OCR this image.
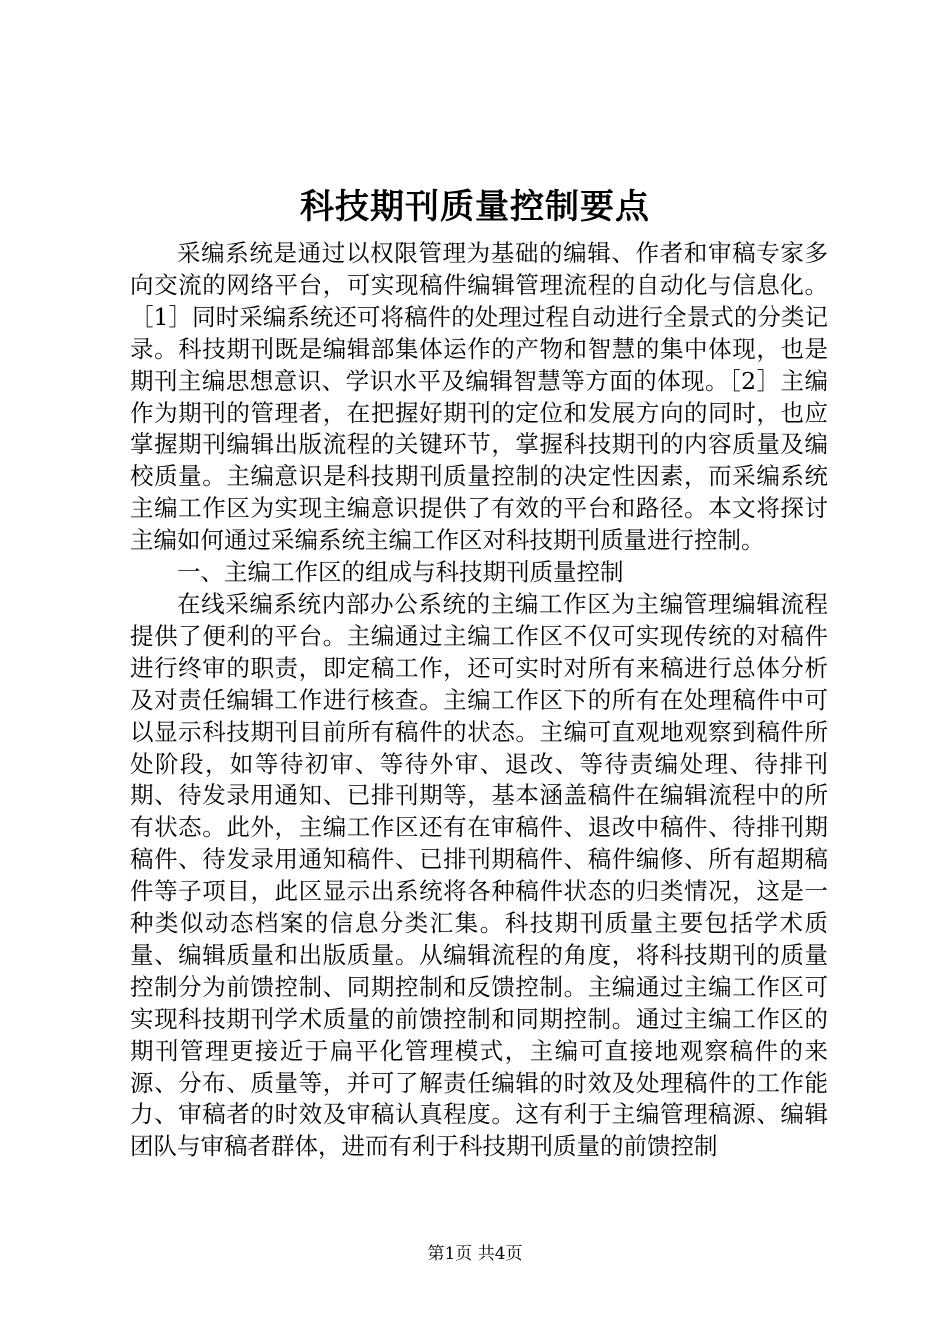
科技期刊质量控制要点

采编系统是通过以权限管理为基础的编辑、作者和审稿专家多向交流的网络平台，可实现稿件编辑管理流程的自动化与信息化。［1］同时采编系统还可将稿件的处理过程自动进行全景式的分类记录。科技期刊既是编辑部集体运作的产物和智慧的集中体现，也是期刊主编思想意识、学识水平及编辑智慧等方面的体现。［2］主编作为期刊的管理者，在把握好期刊的定位和发展方向的同时，也应掌握期刊编辑出版流程的关键环节，掌握科技期刊的内容质量及编校质量。主编意识是科技期刊质量控制的决定性因素，而采编系统主编工作区为实现主编意识提供了有效的平台和路径。本文将探讨主编如何通过采编系统主编工作区对科技期刊质量进行控制。

一、主编工作区的组成与科技期刊质量控制

在线采编系统内部办公系统的主编工作区为主编管理编辑流程提供了便利的平台。主编通过主编工作区不仅可实现传统的对稿件进行终审的职责，即定稿工作，还可实时对所有来稿进行总体分析及对责任编辑工作进行核查。主编工作区下的所有在处理稿件中可以显示科技期刊目前所有稿件的状态。主编可直观地观察到稿件所处阶段，如等待初审、等待外审、退改、等待责编处理、待排刊期、待发录用通知、已排刊期等，基本涵盖稿件在编辑流程中的所有状态。此外，主编工作区还有在审稿件、退改中稿件、待排刊期稿件、待发录用通知稿件、已排刊期稿件、稿件编修、所有超期稿件等子项目，此区显示出系统将各种稿件状态的归类情况，这是一种类似动态档案的信息分类汇集。科技期刊质量主要包括学术质量、编辑质量和出版质量。从编辑流程的角度，将科技期刊的质量控制分为前馈控制、同期控制和反馈控制。主编通过主编工作区可实现科技期刊学术质量的前馈控制和同期控制。通过主编工作区的期刊管理更接近于扁平化管理模式，主编可直接地观察稿件的来源、分布、质量等，并可了解责任编辑的时效及处理稿件的工作能力、审稿者的时效及审稿认真程度。这有利于主编管理稿源、编辑团队与审稿者群体，进而有利于科技期刊质量的前馈控制

第1页 共4页
